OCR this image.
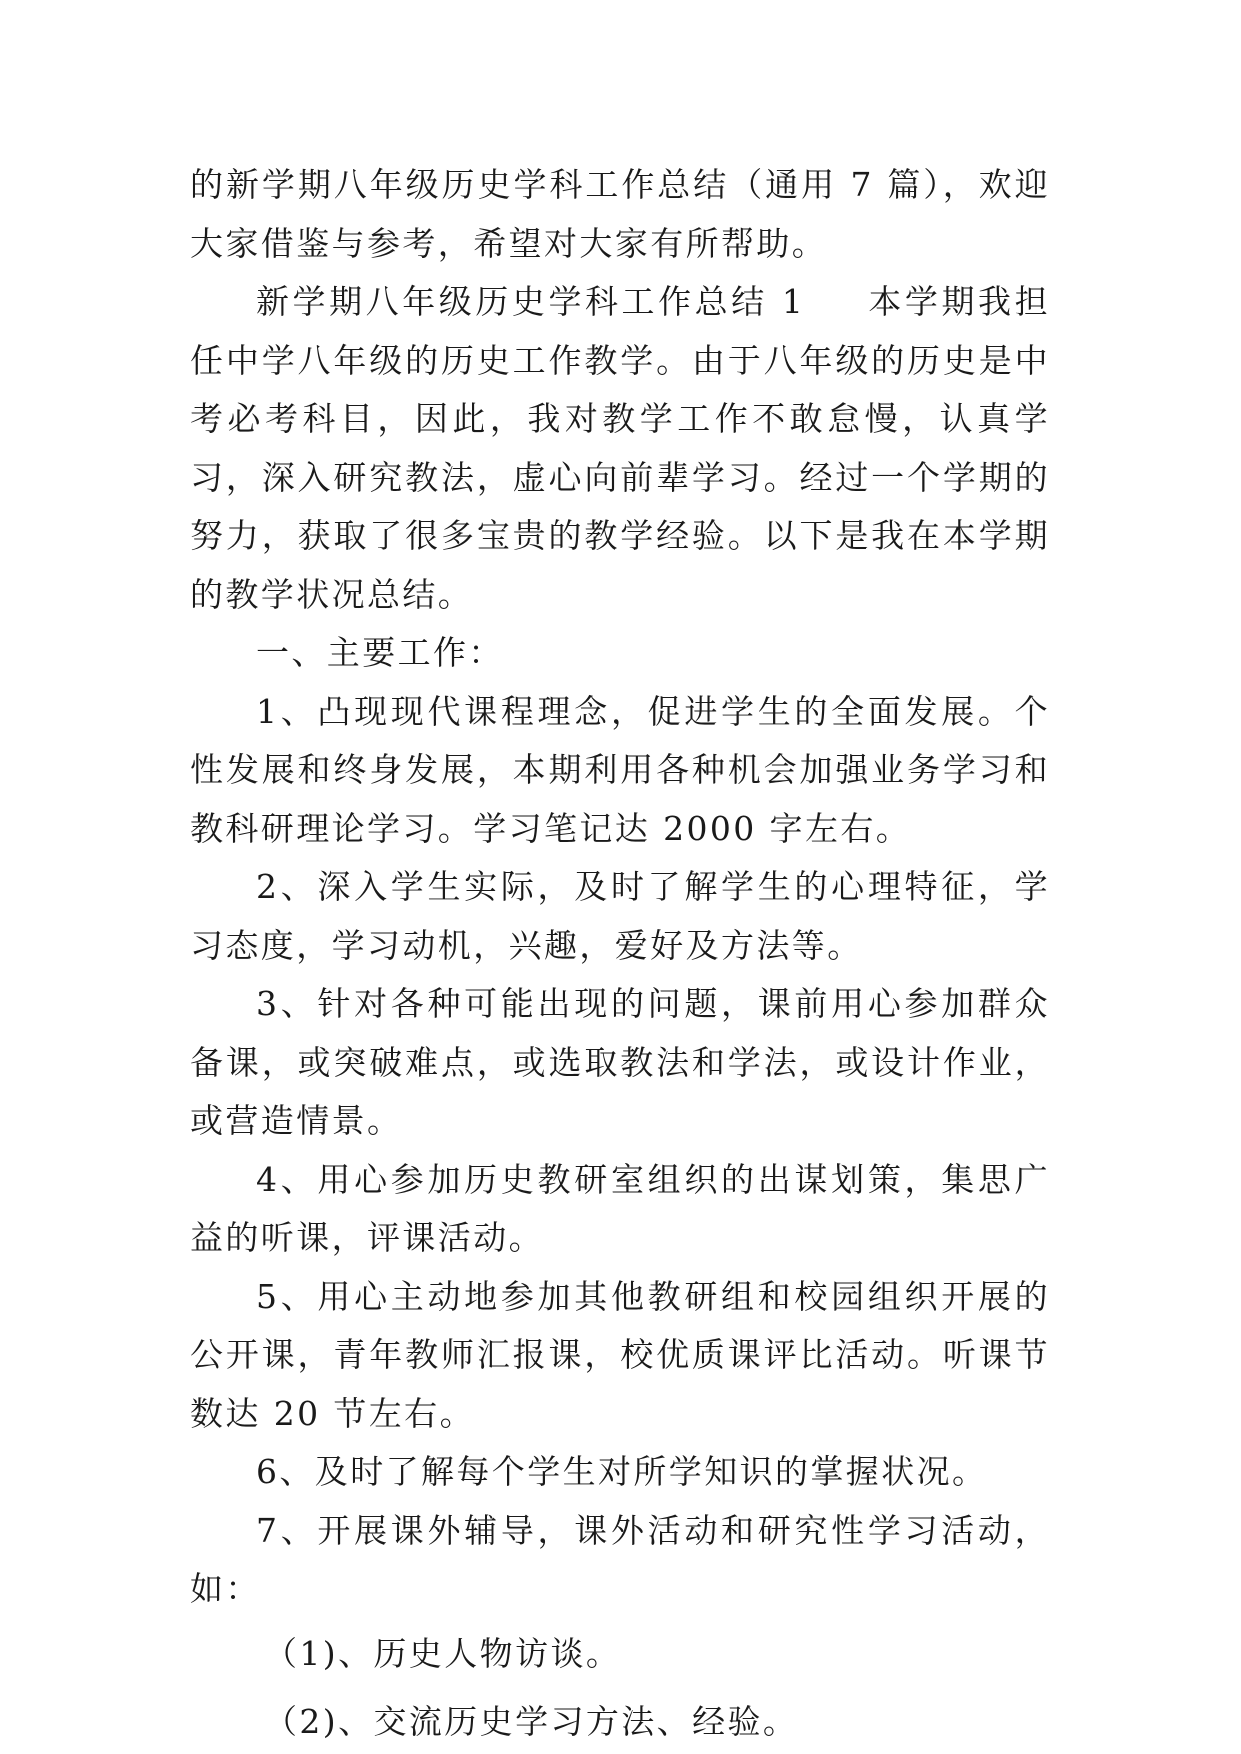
的新学期八年级历史学科工作总结（通用 7 篇），欢迎大家借鉴与参考，希望对大家有所帮助。

新学期八年级历史学科工作总结 1 本学期我担任中学八年级的历史工作教学。由于八年级的历史是中考必考科目，因此，我对教学工作不敢怠慢，认真学习，深入研究教法，虚心向前辈学习。经过一个学期的努力，获取了很多宝贵的教学经验。以下是我在本学期的教学状况总结。

一、主要工作：

1、凸现现代课程理念，促进学生的全面发展。个性发展和终身发展，本期利用各种机会加强业务学习和教科研理论学习。学习笔记达 2000 字左右。

2、深入学生实际，及时了解学生的心理特征，学习态度，学习动机，兴趣，爱好及方法等。

3、针对各种可能出现的问题，课前用心参加群众备课，或突破难点，或选取教法和学法，或设计作业，或营造情景。

4、用心参加历史教研室组织的出谋划策，集思广益的听课，评课活动。

5、用心主动地参加其他教研组和校园组织开展的公开课，青年教师汇报课，校优质课评比活动。听课节数达 20 节左右。

6、及时了解每个学生对所学知识的掌握状况。

7、开展课外辅导，课外活动和研究性学习活动，如：

（1)、历史人物访谈。

（2)、交流历史学习方法、经验。
